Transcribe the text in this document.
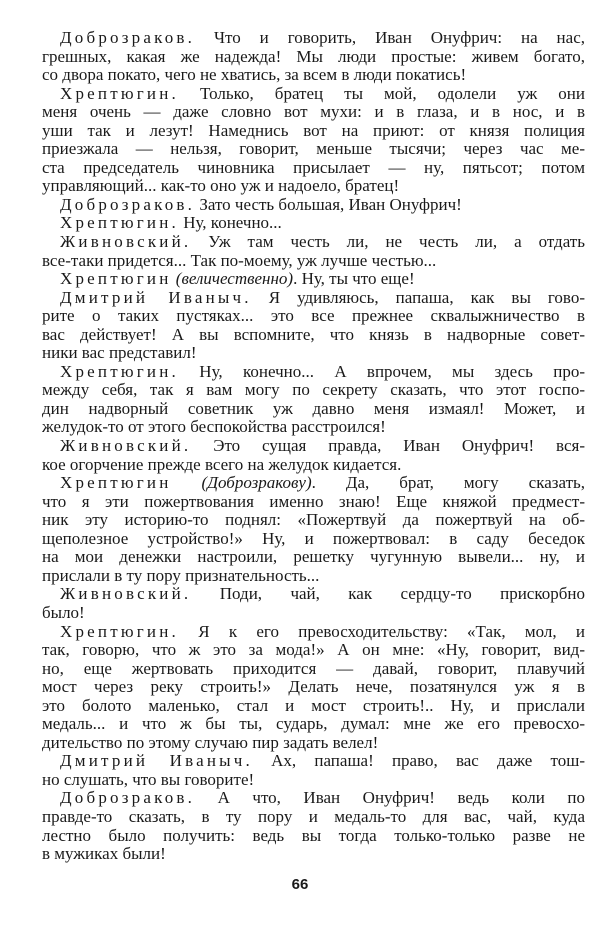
Доброзраков. Что и говорить, Иван Онуфрич: на нас,
грешных, какая же надежда! Мы люди простые: живем богато,
со двора покато, чего не хватись, за всем в люди покатись!
Хрептюгин. Только, братец ты мой, одолели уж они
меня очень — даже словно вот мухи: и в глаза, и в нос, и в
уши так и лезут! Намеднись вот на приют: от князя полиция
приезжала — нельзя, говорит, меньше тысячи; через час ме-
ста председатель чиновника присылает — ну, пятьсот; потом
управляющий... как-то оно уж и надоело, братец!
Доброзраков. Зато честь большая, Иван Онуфрич!
Хрептюгин. Ну, конечно...
Живновский. Уж там честь ли, не честь ли, а отдать
все-таки придется... Так по-моему, уж лучше честью...
Хрептюгин (величественно). Ну, ты что еще!
Дмитрий Иваныч. Я удивляюсь, папаша, как вы гово-
рите о таких пустяках... это все прежнее сквалыжничество в
вас действует! А вы вспомните, что князь в надворные совет-
ники вас представил!
Хрептюгин. Ну, конечно... А впрочем, мы здесь про-
между себя, так я вам могу по секрету сказать, что этот госпо-
дин надворный советник уж давно меня измаял! Может, и
желудок-то от этого беспокойства расстроился!
Живновский. Это сущая правда, Иван Онуфрич! вся-
кое огорчение прежде всего на желудок кидается.
Хрептюгин (Доброзракову). Да, брат, могу сказать,
что я эти пожертвования именно знаю! Еще княжой предмест-
ник эту историю-то поднял: «Пожертвуй да пожертвуй на об-
щеполезное устройство!» Ну, и пожертвовал: в саду беседок
на мои денежки настроили, решетку чугунную вывели... ну, и
прислали в ту пору признательность...
Живновский. Поди, чай, как сердцу-то прискорбно
было!
Хрептюгин. Я к его превосходительству: «Так, мол, и
так, говорю, что ж это за мода!» А он мне: «Ну, говорит, вид-
но, еще жертвовать приходится — давай, говорит, плавучий
мост через реку строить!» Делать нече, позатянулся уж я в
это болото маленько, стал и мост строить!.. Ну, и прислали
медаль... и что ж бы ты, сударь, думал: мне же его превосхо-
дительство по этому случаю пир задать велел!
Дмитрий Иваныч. Ах, папаша! право, вас даже тош-
но слушать, что вы говорите!
Доброзраков. А что, Иван Онуфрич! ведь коли по
правде-то сказать, в ту пору и медаль-то для вас, чай, куда
лестно было получить: ведь вы тогда только-только разве не
в мужиках были!
66
